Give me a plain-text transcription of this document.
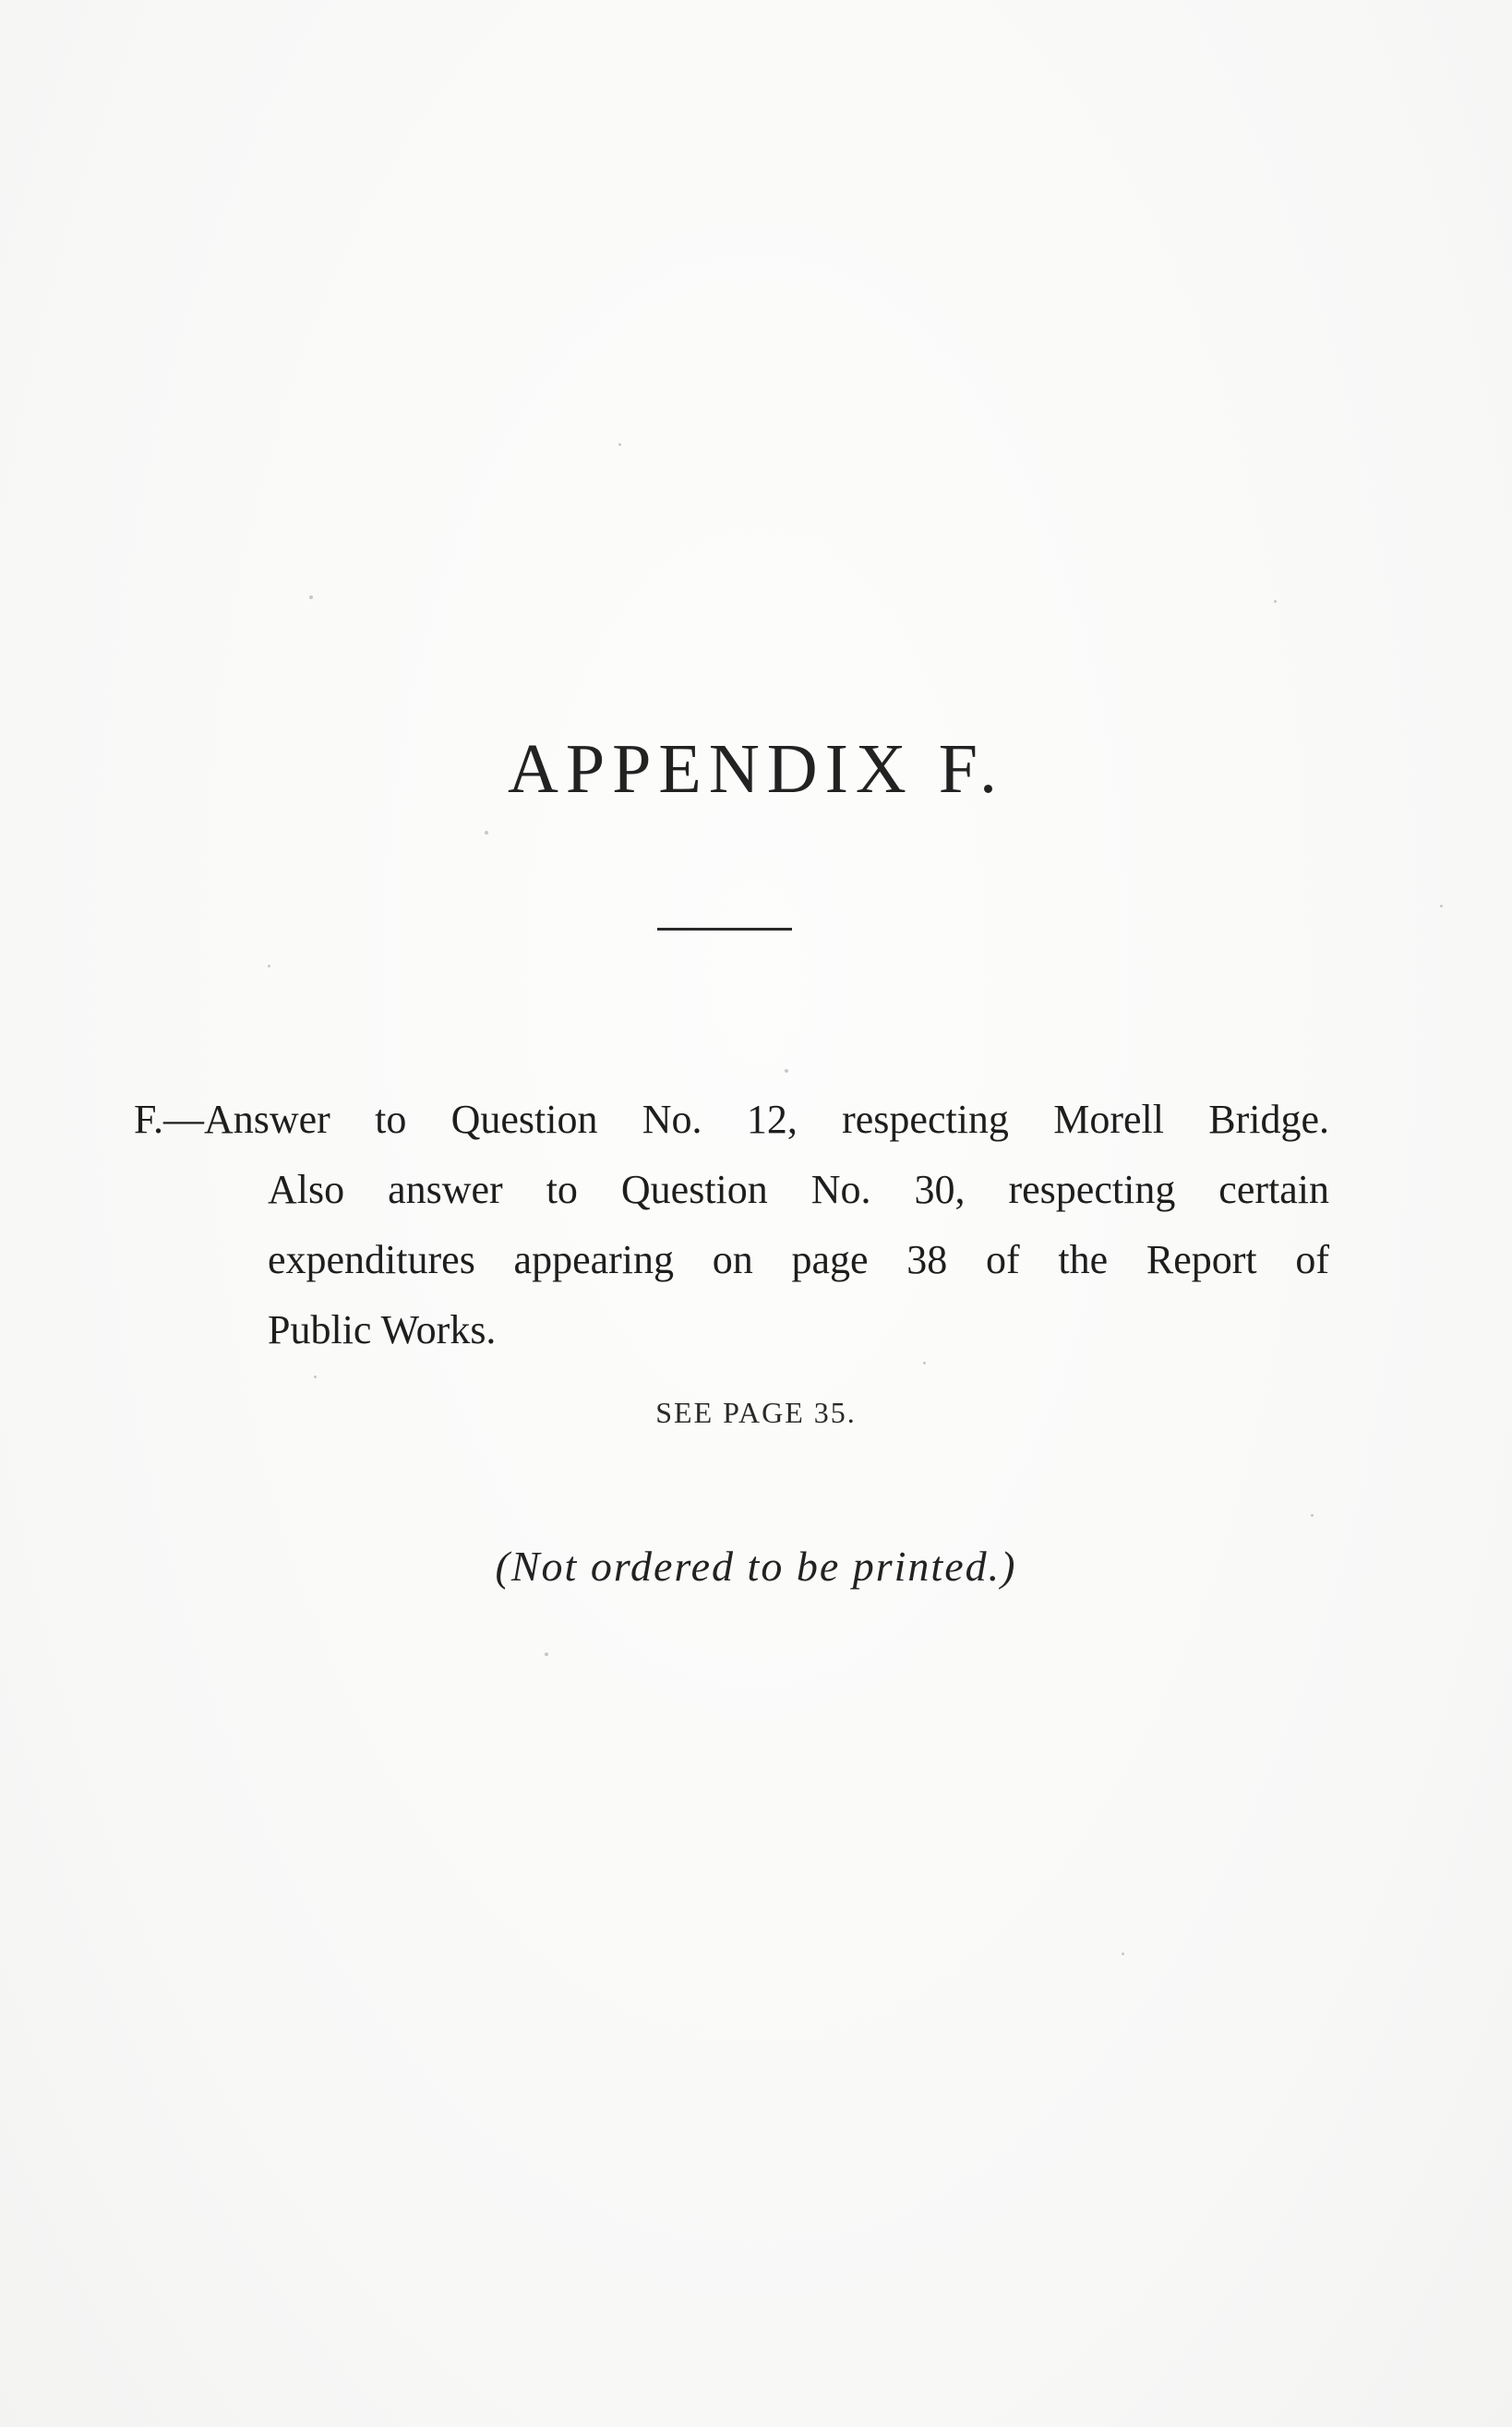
APPENDIX F.
F.—Answer to Question No. 12, respecting Morell Bridge.
Also answer to Question No. 30, respecting certain
expenditures appearing on page 38 of the Report of
Public Works.
SEE PAGE 35.
(Not ordered to be printed.)
